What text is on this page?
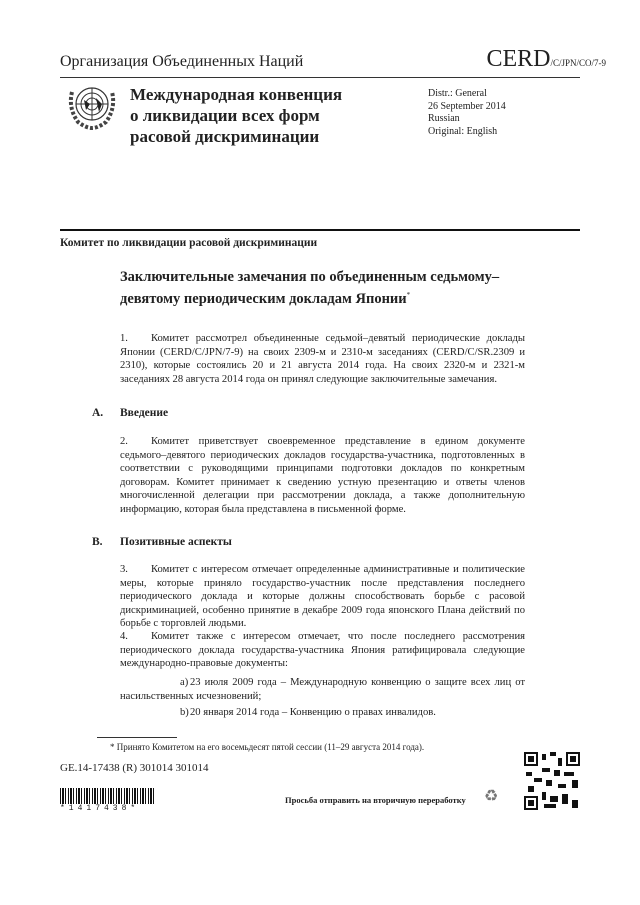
Организация Объединенных Наций	CERD/C/JPN/CO/7-9
Международная конвенция
о ликвидации всех форм
расовой дискриминации
Distr.: General
26 September 2014
Russian
Original: English
Комитет по ликвидации расовой дискриминации
Заключительные замечания по объединенным седьмому–девятому периодическим докладам Японии*
1. Комитет рассмотрел объединенные седьмой–девятый периодические доклады Японии (CERD/C/JPN/7-9) на своих 2309-м и 2310-м заседаниях (CERD/C/SR.2309 и 2310), которые состоялись 20 и 21 августа 2014 года. На своих 2320-м и 2321-м заседаниях 28 августа 2014 года он принял следующие заключительные замечания.
A. Введение
2. Комитет приветствует своевременное представление в едином документе седьмого–девятого периодических докладов государства-участника, подготовленных в соответствии с руководящими принципами подготовки докладов по конкретным договорам. Комитет принимает к сведению устную презентацию и ответы членов многочисленной делегации при рассмотрении доклада, а также дополнительную информацию, которая была представлена в письменной форме.
B. Позитивные аспекты
3. Комитет с интересом отмечает определенные административные и политические меры, которые приняло государство-участник после представления последнего периодического доклада и которые должны способствовать борьбе с расовой дискриминацией, особенно принятие в декабре 2009 года японского Плана действий по борьбе с торговлей людьми.
4. Комитет также с интересом отмечает, что после последнего рассмотрения периодического доклада государства-участника Япония ратифицировала следующие международно-правовые документы:
a) 23 июля 2009 года – Международную конвенцию о защите всех лиц от насильственных исчезновений;
b)20 января 2014 года – Конвенцию о правах инвалидов.
* Принято Комитетом на его восемьдесят пятой сессии (11–29 августа 2014 года).
GE.14-17438 (R) 301014 301014
*1417438*
Просьба отправить на вторичную переработку ♻
